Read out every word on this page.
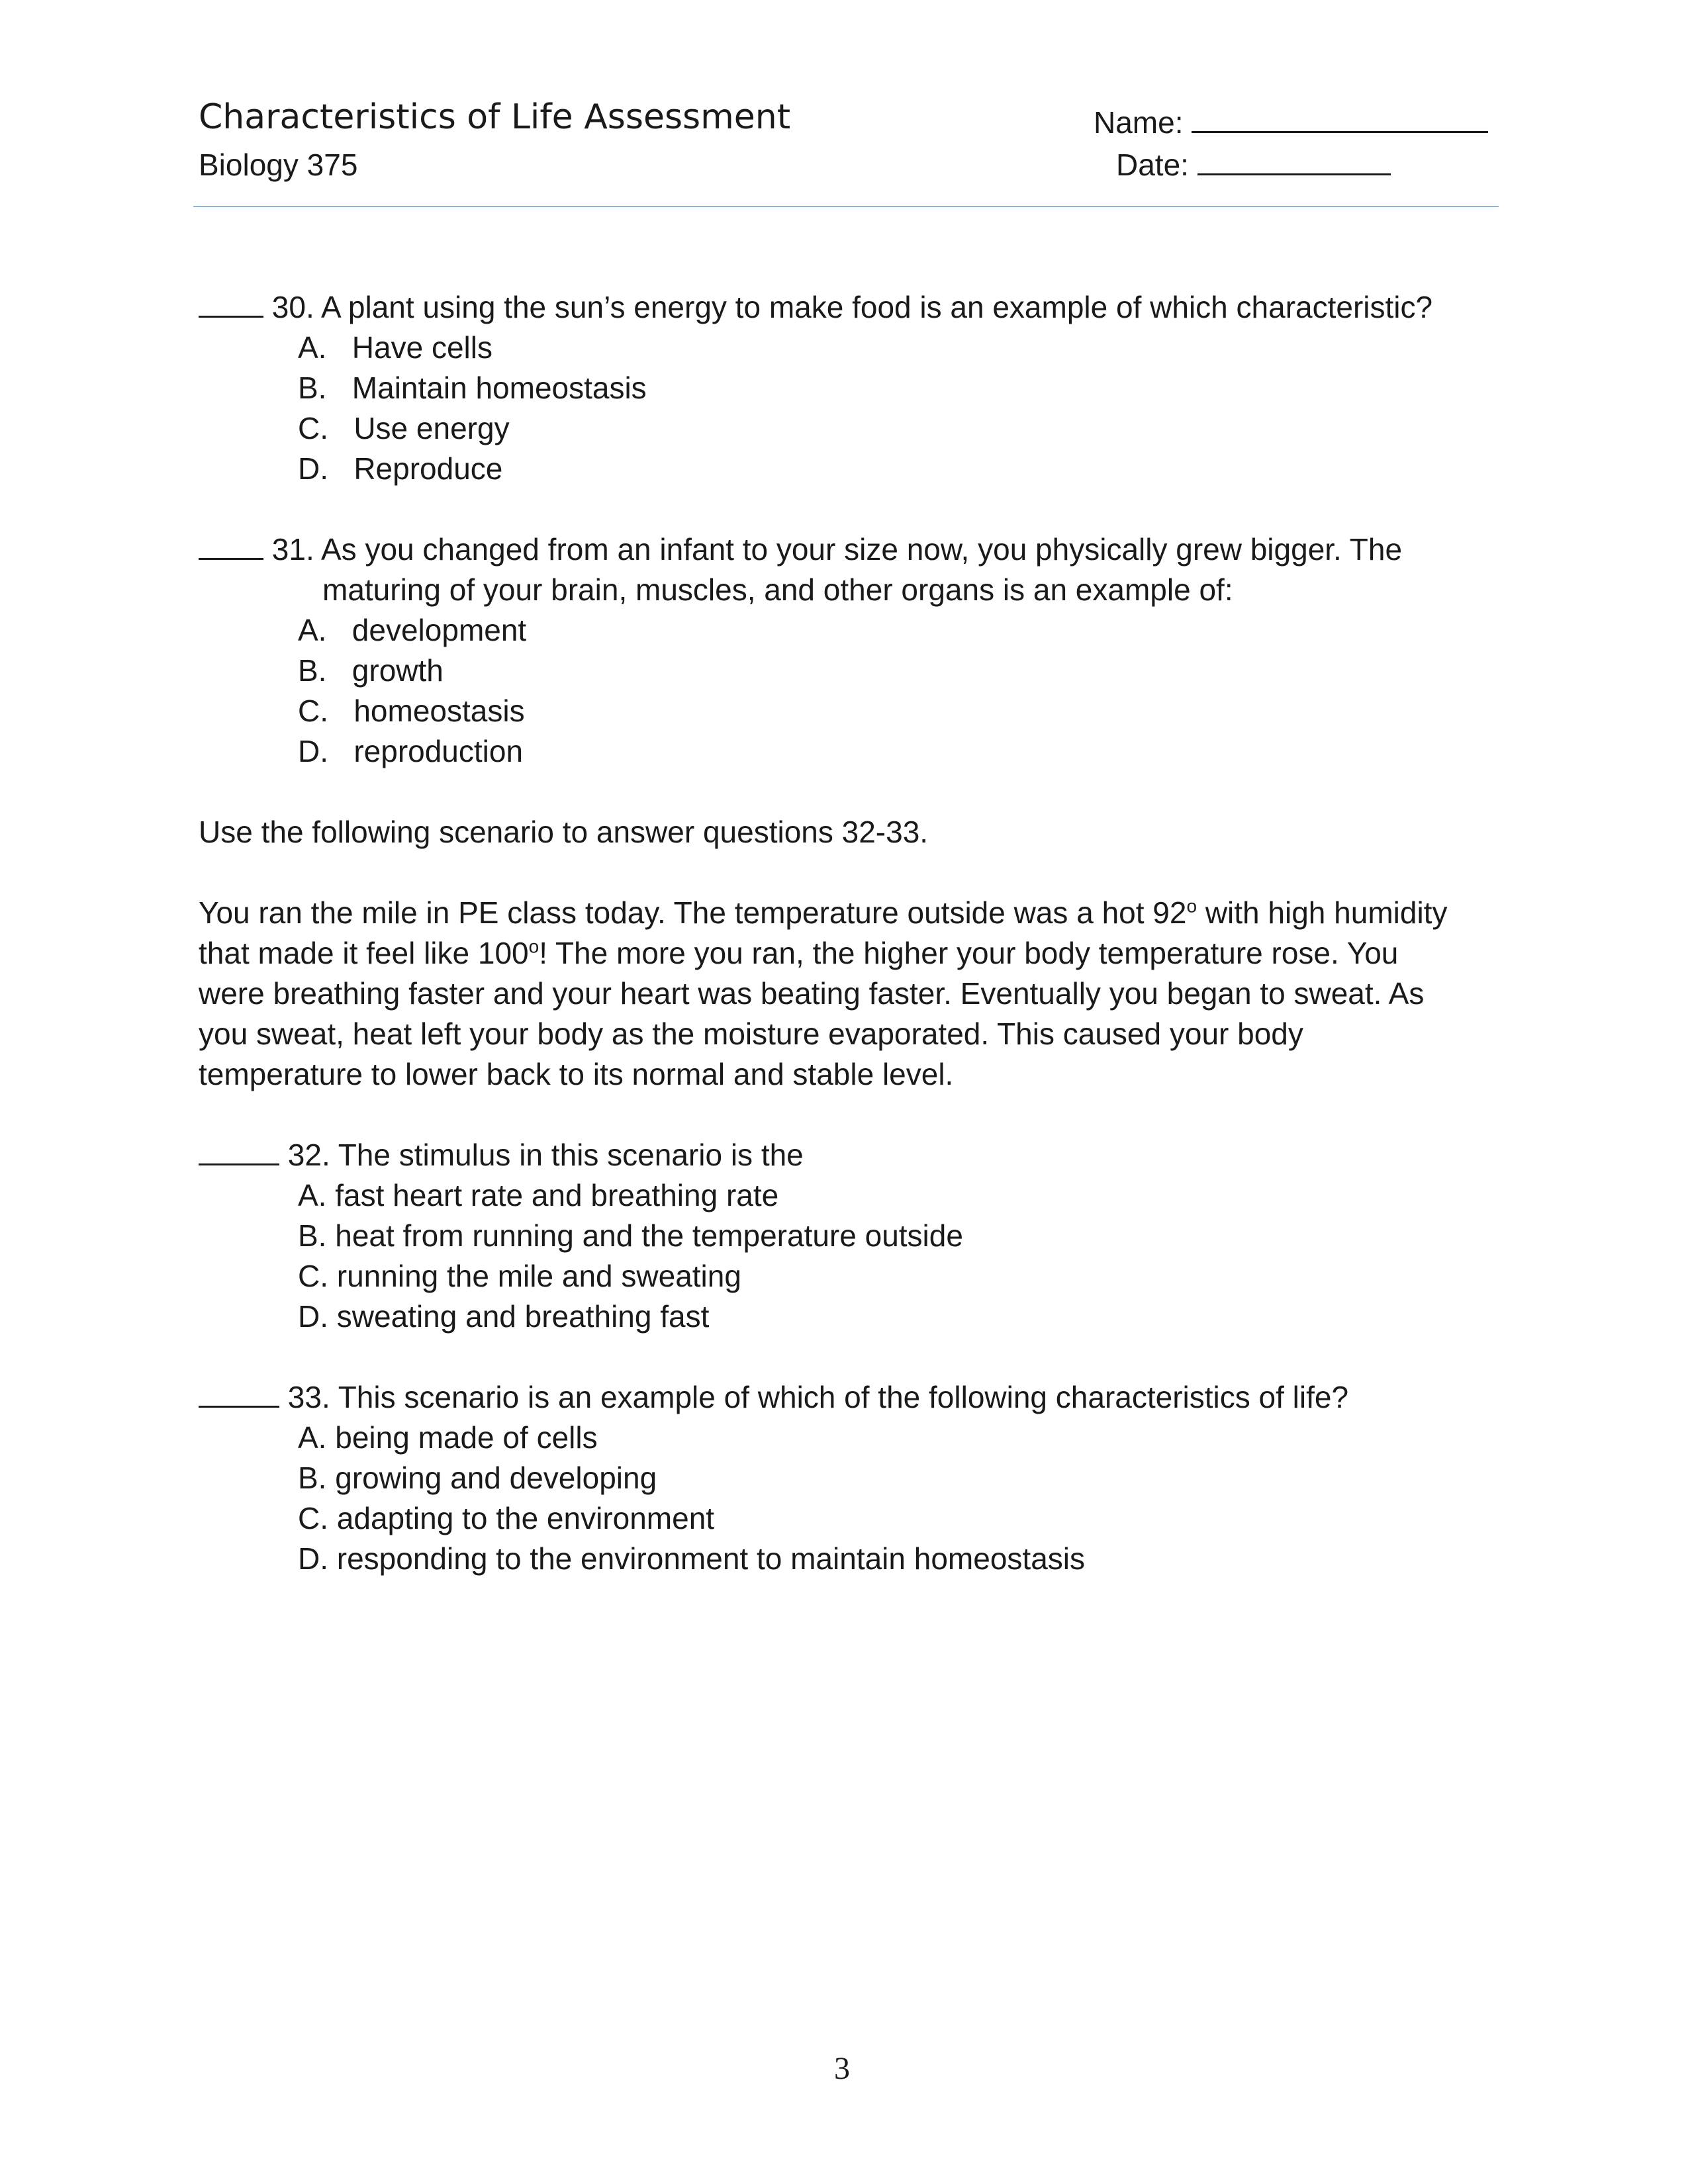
Characteristics of Life Assessment
Biology 375
Name:
Date:
30. A plant using the sun’s energy to make food is an example of which characteristic?
A.   Have cells
B.   Maintain homeostasis
C.   Use energy
D.   Reproduce
31. As you changed from an infant to your size now, you physically grew bigger. The
maturing of your brain, muscles, and other organs is an example of:
A.   development
B.   growth
C.   homeostasis
D.   reproduction
Use the following scenario to answer questions 32-33.
You ran the mile in PE class today. The temperature outside was a hot 92$^o$ with high humidity
that made it feel like 100$^o$! The more you ran, the higher your body temperature rose. You
were breathing faster and your heart was beating faster. Eventually you began to sweat. As
you sweat, heat left your body as the moisture evaporated. This caused your body
temperature to lower back to its normal and stable level.
32. The stimulus in this scenario is the
A. fast heart rate and breathing rate
B. heat from running and the temperature outside
C. running the mile and sweating
D. sweating and breathing fast
33. This scenario is an example of which of the following characteristics of life?
A. being made of cells
B. growing and developing
C. adapting to the environment
D. responding to the environment to maintain homeostasis
3
